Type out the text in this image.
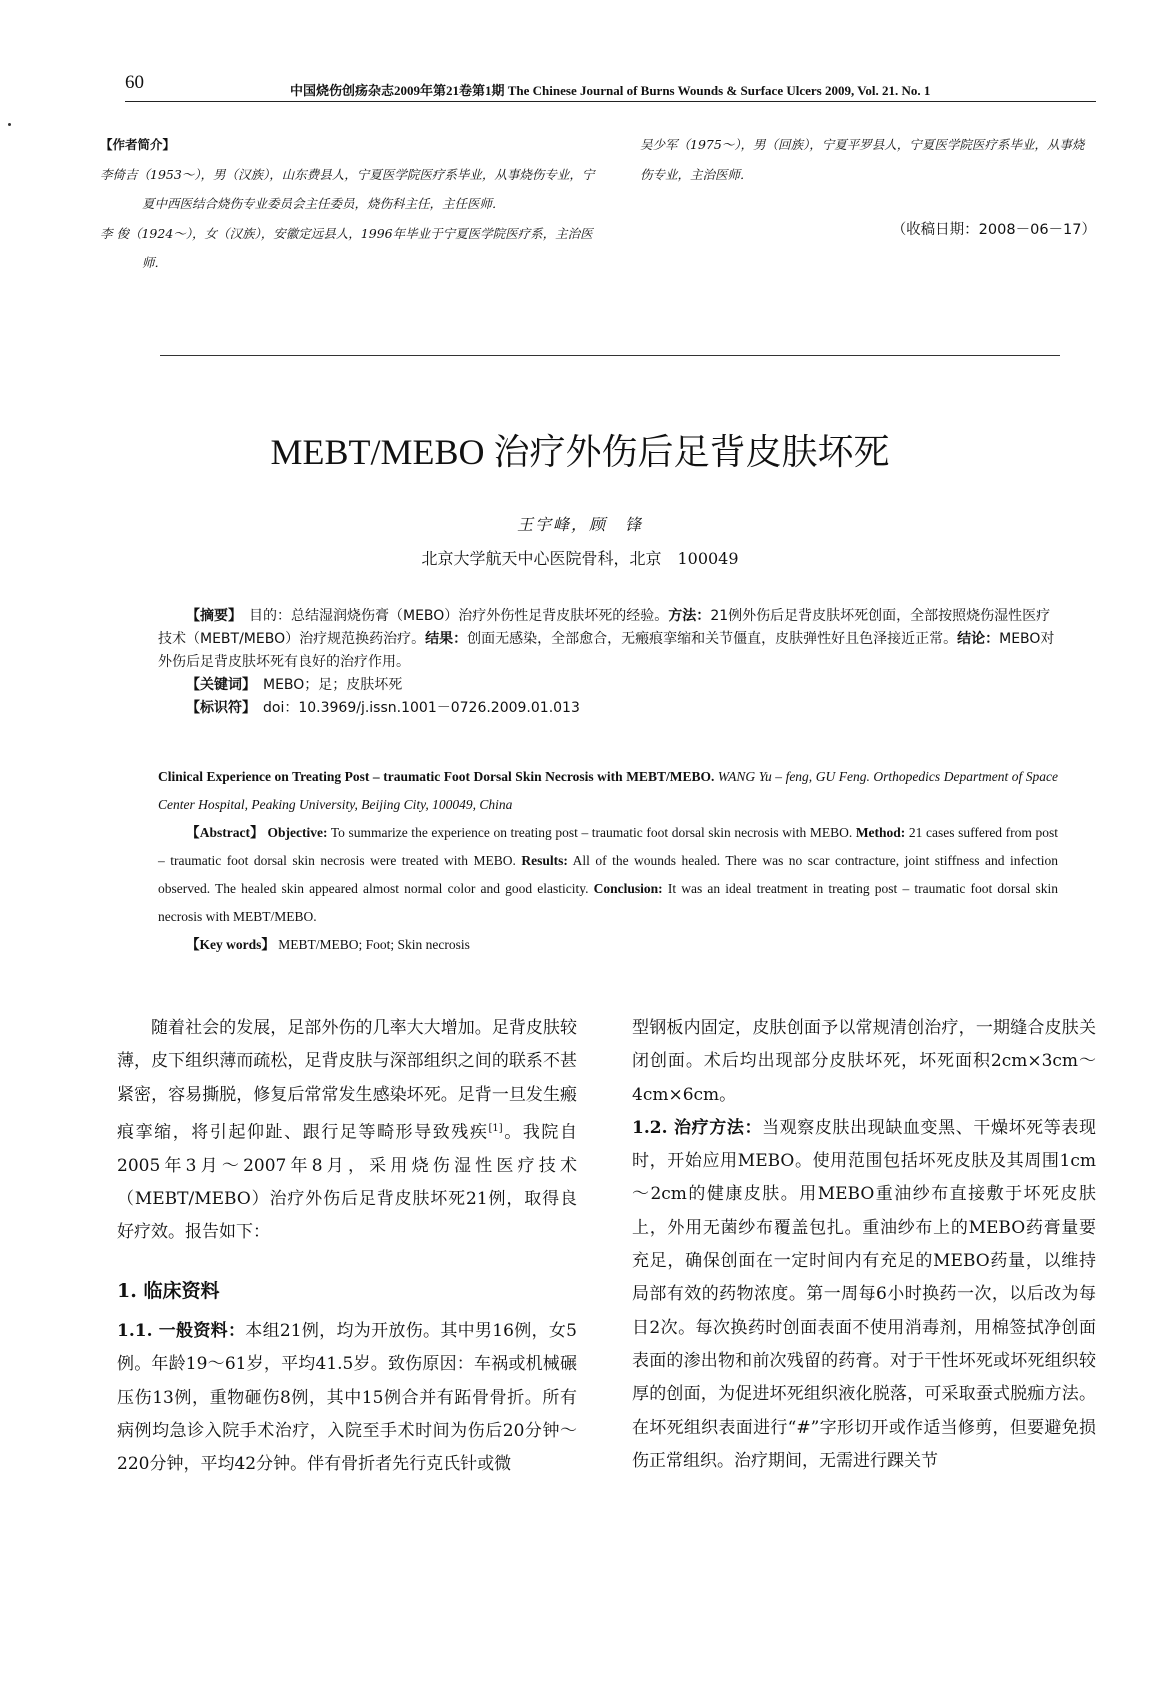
60	中国烧伤创疡杂志2009年第21卷第1期 The Chinese Journal of Burns Wounds & Surface Ulcers 2009, Vol. 21. No. 1
【作者简介】

李倚吉（1953～），男（汉族），山东费县人，宁夏医学院医疗系毕业，从事烧伤专业，宁夏中西医结合烧伤专业委员会主任委员，烧伤科主任，主任医师．

李 俊（1924～），女（汉族），安徽定远县人，1996年毕业于宁夏医学院医疗系，主治医师．

吴少军（1975～），男（回族），宁夏平罗县人，宁夏医学院医疗系毕业，从事烧伤专业，主治医师．

（收稿日期：2008－06－17）
MEBT/MEBO 治疗外伤后足背皮肤坏死
王宇峰，顾　锋
北京大学航天中心医院骨科，北京　100049

【摘要】　 目的：总结湿润烧伤膏（MEBO）治疗外伤性足背皮肤坏死的经验。方法：21例外伤后足背皮肤坏死创面，全部按照烧伤湿性医疗技术（MEBT/MEBO）治疗规范换药治疗。结果：创面无感染，全部愈合，无瘢痕挛缩和关节僵直，皮肤弹性好且色泽接近正常。结论：MEBO对外伤后足背皮肤坏死有良好的治疗作用。

【关键词】　 MEBO；足；皮肤坏死

【标识符】　 doi：10.3969/j.issn.1001－0726.2009.01.013

Clinical Experience on Treating Post – traumatic Foot Dorsal Skin Necrosis with MEBT/MEBO. WANG Yu – feng, GU Feng. Orthopedics Department of Space Center Hospital, Peaking University, Beijing City, 100049, China

【Abstract】 Objective: To summarize the experience on treating post – traumatic foot dorsal skin necrosis with MEBO. Method: 21 cases suffered from post – traumatic foot dorsal skin necrosis were treated with MEBO. Results: All of the wounds healed. There was no scar contracture, joint stiffness and infection observed. The healed skin appeared almost normal color and good elasticity. Conclusion: It was an ideal treatment in treating post – traumatic foot dorsal skin necrosis with MEBT/MEBO.

【Key words】 MEBT/MEBO; Foot; Skin necrosis

随着社会的发展，足部外伤的几率大大增加。足背皮肤较薄，皮下组织薄而疏松，足背皮肤与深部组织之间的联系不甚紧密，容易撕脱，修复后常常发生感染坏死。足背一旦发生瘢痕挛缩，将引起仰趾、跟行足等畸形导致残疾[1]。我院自2005年3月～2007年8月，采用烧伤湿性医疗技术（MEBT/MEBO）治疗外伤后足背皮肤坏死21例，取得良好疗效。报告如下：

1. 临床资料

1.1. 一般资料：本组21例，均为开放伤。其中男16例，女5例。年龄19～61岁，平均41.5岁。致伤原因：车祸或机械碾压伤13例，重物砸伤8例，其中15例合并有跖骨骨折。所有病例均急诊入院手术治疗，入院至手术时间为伤后20分钟～220分钟，平均42分钟。伴有骨折者先行克氏针或微

型钢板内固定，皮肤创面予以常规清创治疗，一期缝合皮肤关闭创面。术后均出现部分皮肤坏死，坏死面积2cm×3cm～4cm×6cm。

1.2. 治疗方法：当观察皮肤出现缺血变黑、干燥坏死等表现时，开始应用MEBO。使用范围包括坏死皮肤及其周围1cm～2cm的健康皮肤。用MEBO重油纱布直接敷于坏死皮肤上，外用无菌纱布覆盖包扎。重油纱布上的MEBO药膏量要充足，确保创面在一定时间内有充足的MEBO药量，以维持局部有效的药物浓度。第一周每6小时换药一次，以后改为每日2次。每次换药时创面表面不使用消毒剂，用棉签拭净创面表面的渗出物和前次残留的药膏。对于干性坏死或坏死组织较厚的创面，为促进坏死组织液化脱落，可采取蚕式脱痂方法。在坏死组织表面进行“#”字形切开或作适当修剪，但要避免损伤正常组织。治疗期间，无需进行踝关节
